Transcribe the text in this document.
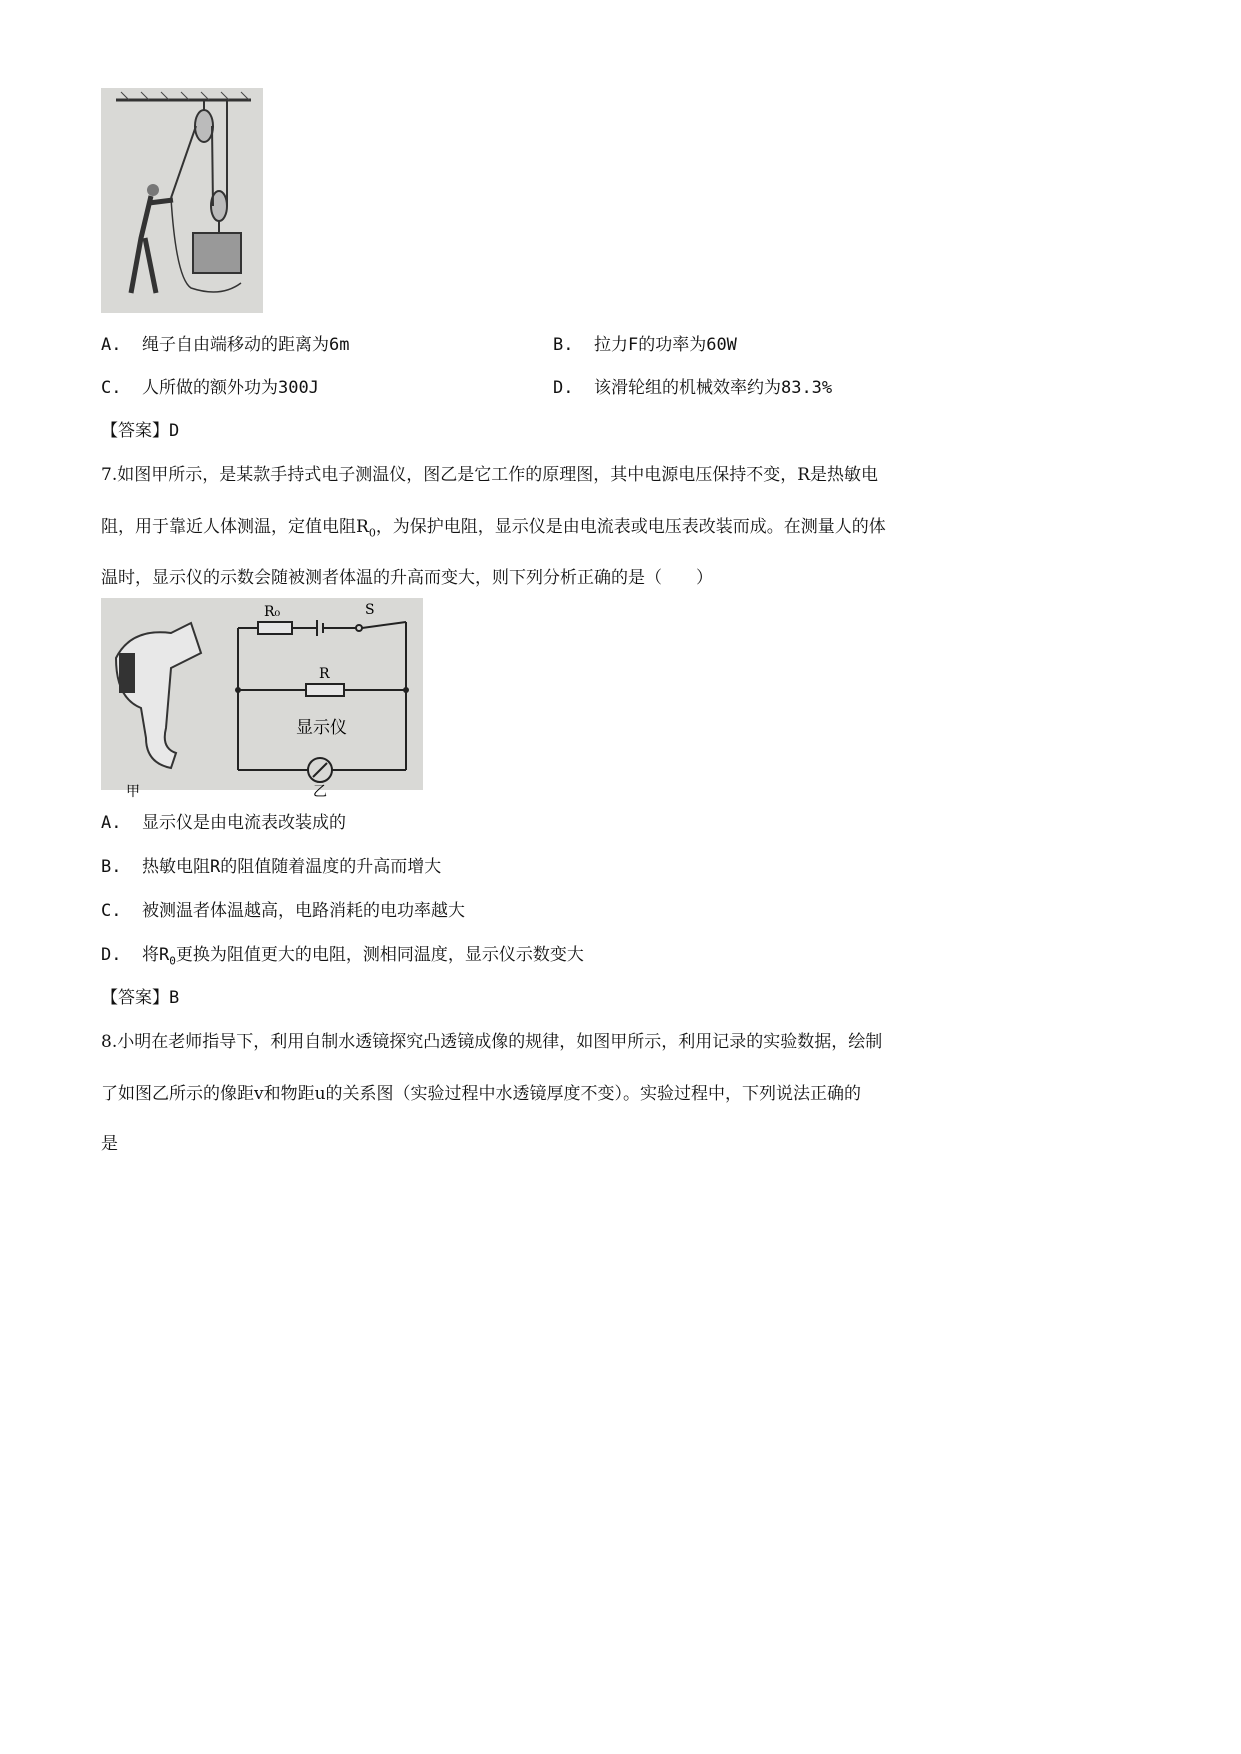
A. 绳子自由端移动的距离为6m	B. 拉力F的功率为60W
C. 人所做的额外功为300J	D. 该滑轮组的机械效率约为83.3%
【答案】D
7.如图甲所示，是某款手持式电子测温仪，图乙是它工作的原理图，其中电源电压保持不变，R是热敏电
阻，用于靠近人体测温，定值电阻$R_0$，为保护电阻，显示仪是由电流表或电压表改装而成。在测量人的体
温时，显示仪的示数会随被测者体温的升高而变大，则下列分析正确的是（　　）
R₀	S
R
显示仪
乙
甲
A. 显示仪是由电流表改装成的
B. 热敏电阻R的阻值随着温度的升高而增大
C. 被测温者体温越高，电路消耗的电功率越大
D. 将$R_0$更换为阻值更大的电阻，测相同温度，显示仪示数变大
【答案】B
8.小明在老师指导下，利用自制水透镜探究凸透镜成像的规律，如图甲所示，利用记录的实验数据，绘制
了如图乙所示的像距v和物距u的关系图（实验过程中水透镜厚度不变）。实验过程中，下列说法正确的
是
